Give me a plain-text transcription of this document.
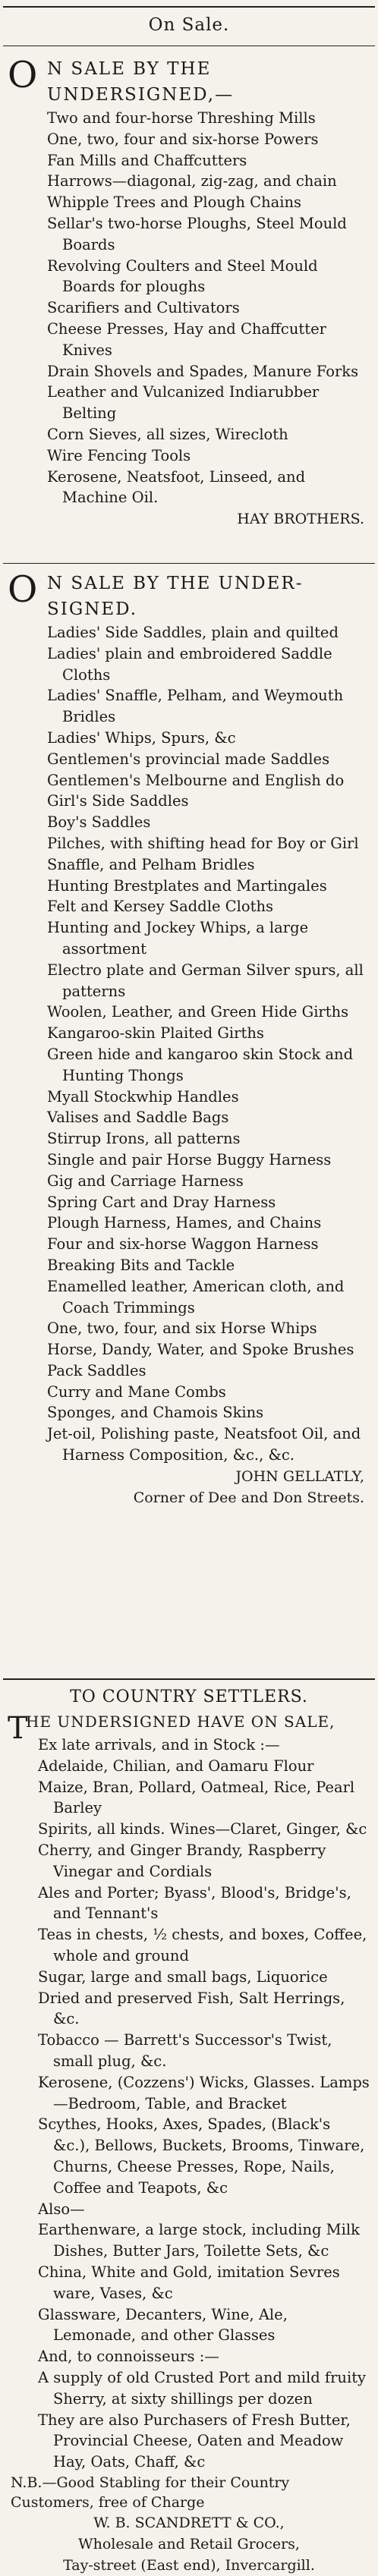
On Sale.
O N SALE BY THE UNDERSIGNED,—
Two and four-horse Threshing Mills
One, two, four and six-horse Powers
Fan Mills and Chaffcutters
Harrows—diagonal, zig-zag, and chain
Whipple Trees and Plough Chains
Sellar's two-horse Ploughs, Steel Mould Boards
Revolving Coulters and Steel Mould Boards for ploughs
Scarifiers and Cultivators
Cheese Presses, Hay and Chaffcutter Knives
Drain Shovels and Spades, Manure Forks
Leather and Vulcanized Indiarubber Belting
Corn Sieves, all sizes, Wirecloth
Wire Fencing Tools
Kerosene, Neatsfoot, Linseed, and Machine Oil.
HAY BROTHERS.
O N SALE BY THE UNDER-
SIGNED.
Ladies' Side Saddles, plain and quilted
Ladies' plain and embroidered Saddle Cloths
Ladies' Snaffle, Pelham, and Weymouth Bridles
Ladies' Whips, Spurs, &c
Gentlemen's provincial made Saddles
Gentlemen's Melbourne and English do
Girl's Side Saddles
Boy's Saddles
Pilches, with shifting head for Boy or Girl
Snaffle, and Pelham Bridles
Hunting Brestplates and Martingales
Felt and Kersey Saddle Cloths
Hunting and Jockey Whips, a large assortment
Electro plate and German Silver spurs, all patterns
Woolen, Leather, and Green Hide Girths
Kangaroo-skin Plaited Girths
Green hide and kangaroo skin Stock and Hunting Thongs
Myall Stockwhip Handles
Valises and Saddle Bags
Stirrup Irons, all patterns
Single and pair Horse Buggy Harness
Gig and Carriage Harness
Spring Cart and Dray Harness
Plough Harness, Hames, and Chains
Four and six-horse Waggon Harness
Breaking Bits and Tackle
Enamelled leather, American cloth, and Coach Trimmings
One, two, four, and six Horse Whips
Horse, Dandy, Water, and Spoke Brushes
Pack Saddles
Curry and Mane Combs
Sponges, and Chamois Skins
Jet-oil, Polishing paste, Neatsfoot Oil, and Harness Composition, &c., &c.
JOHN GELLATLY,
Corner of Dee and Don Streets.
TO COUNTRY SETTLERS.
T
HE UNDERSIGNED HAVE ON SALE,
Ex late arrivals, and in Stock :—
Adelaide, Chilian, and Oamaru Flour
Maize, Bran, Pollard, Oatmeal, Rice, Pearl Barley
Spirits, all kinds. Wines—Claret, Ginger, &c
Cherry, and Ginger Brandy, Raspberry Vinegar and Cordials
Ales and Porter; Byass', Blood's, Bridge's, and Tennant's
Teas in chests, ½ chests, and boxes, Coffee, whole and ground
Sugar, large and small bags, Liquorice
Dried and preserved Fish, Salt Herrings, &c.
Tobacco — Barrett's Successor's Twist, small plug, &c.
Kerosene, (Cozzens') Wicks, Glasses. Lamps—Bedroom, Table, and Bracket
Scythes, Hooks, Axes, Spades, (Black's &c.), Bellows, Buckets, Brooms, Tinware, Churns, Cheese Presses, Rope, Nails, Coffee and Teapots, &c
Also—
Earthenware, a large stock, including Milk Dishes, Butter Jars, Toilette Sets, &c
China, White and Gold, imitation Sevres ware, Vases, &c
Glassware, Decanters, Wine, Ale, Lemonade, and other Glasses
And, to connoisseurs :—
A supply of old Crusted Port and mild fruity Sherry, at sixty shillings per dozen
They are also Purchasers of Fresh Butter, Provincial Cheese, Oaten and Meadow Hay, Oats, Chaff, &c
N.B.—Good Stabling for their Country Customers, free of Charge
W. B. SCANDRETT & CO.,
Wholesale and Retail Grocers,
Tay-street (East end), Invercargill.
